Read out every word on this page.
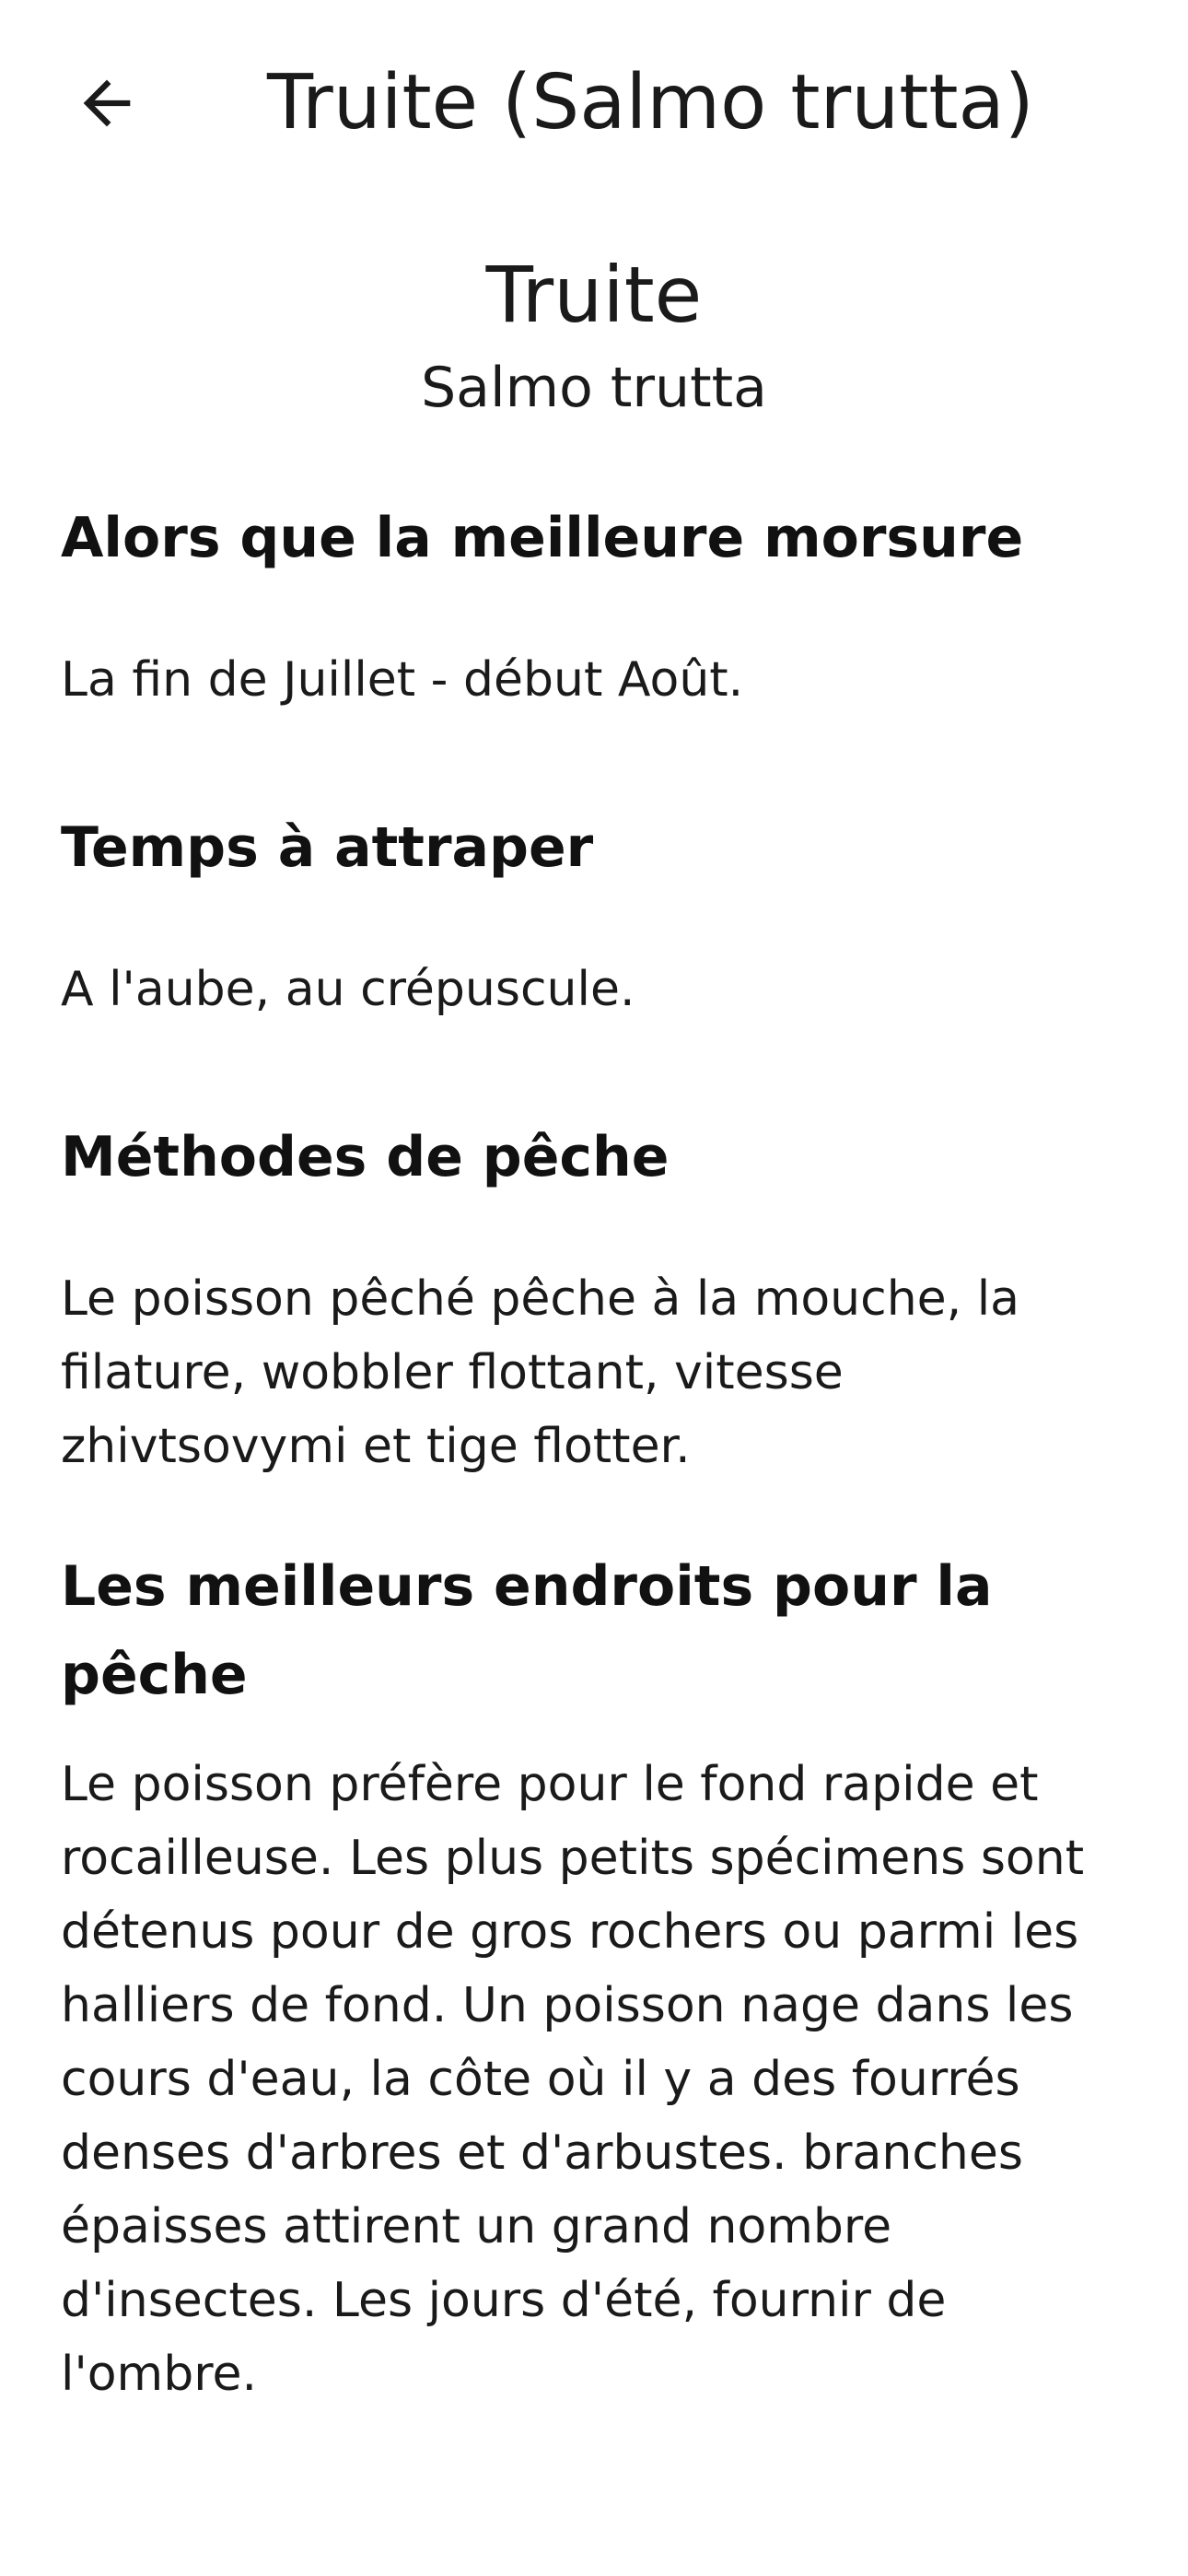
Truite (Salmo trutta)
Truite
Salmo trutta
Alors que la meilleure morsure
La fin de Juillet - début Août.
Temps à attraper
A l'aube, au crépuscule.
Méthodes de pêche
Le poisson pêché pêche à la mouche, la filature, wobbler flottant, vitesse zhivtsovymi et tige flotter.
Les meilleurs endroits pour la pêche
Le poisson préfère pour le fond rapide et rocailleuse. Les plus petits spécimens sont détenus pour de gros rochers ou parmi les halliers de fond. Un poisson nage dans les cours d'eau, la côte où il y a des fourrés denses d'arbres et d'arbustes. branches épaisses attirent un grand nombre d'insectes. Les jours d'été, fournir de l'ombre.
